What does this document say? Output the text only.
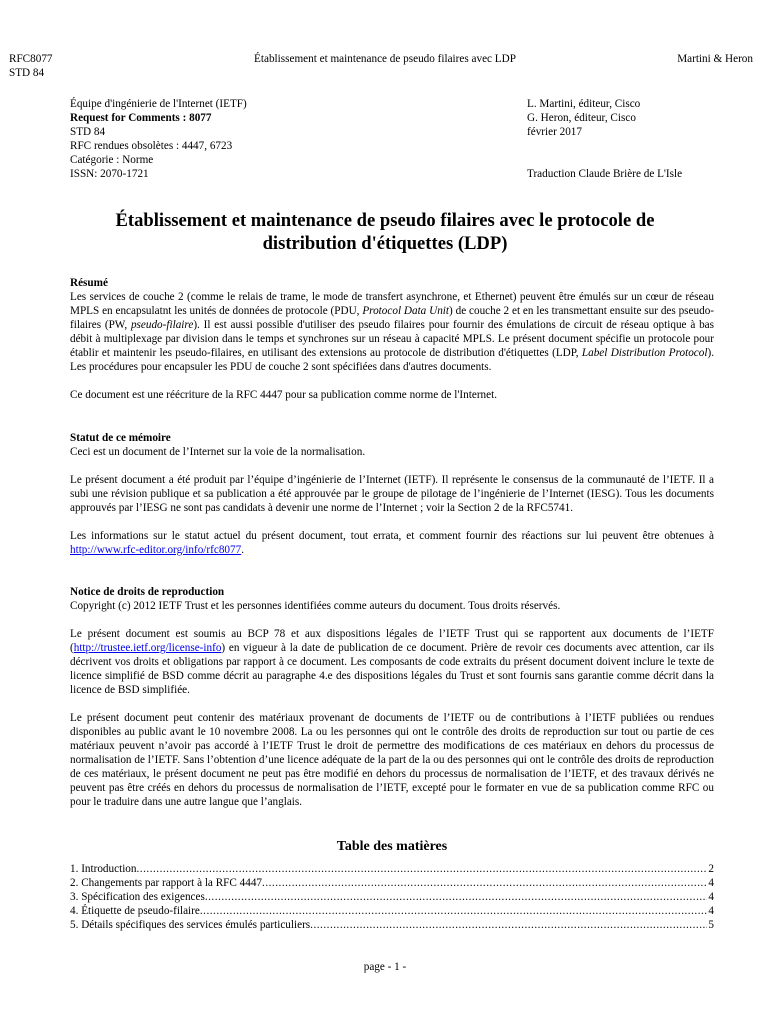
RFC8077
STD 84
Établissement et maintenance de pseudo filaires avec LDP	Martini & Heron
Équipe d'ingénierie de l'Internet (IETF)
Request for Comments : 8077
STD 84
RFC rendues obsolètes : 4447, 6723
Catégorie : Norme
ISSN: 2070-1721
L. Martini, éditeur, Cisco
G. Heron, éditeur, Cisco
février 2017
Traduction Claude Brière de L'Isle
Établissement et maintenance de pseudo filaires avec le protocole de
distribution d'étiquettes (LDP)
Résumé

Les services de couche 2 (comme le relais de trame, le mode de transfert asynchrone, et Ethernet) peuvent être émulés sur un cœur de réseau MPLS en encapsulatnt les unités de données de protocole (PDU, Protocol Data Unit) de couche 2 et en les transmettant ensuite sur des pseudo-filaires (PW, pseudo-filaire). Il est aussi possible d'utiliser des pseudo filaires pour fournir des émulations de circuit de réseau optique à bas débit à multiplexage par division dans le temps et synchrones sur un réseau à capacité MPLS. Le présent document spécifie un protocole pour établir et maintenir les pseudo-filaires, en utilisant des extensions au protocole de distribution d'étiquettes (LDP, Label Distribution Protocol). Les procédures pour encapsuler les PDU de couche 2 sont spécifiées dans d'autres documents.

Ce document est une réécriture de la RFC 4447 pour sa publication comme norme de l'Internet.

Statut de ce mémoire

Ceci est un document de l’Internet sur la voie de la normalisation.

Le présent document a été produit par l’équipe d’ingénierie de l’Internet (IETF). Il représente le consensus de la communauté de l’IETF. Il a subi une révision publique et sa publication a été approuvée par le groupe de pilotage de l’ingénierie de l’Internet (IESG). Tous les documents approuvés par l’IESG ne sont pas candidats à devenir une norme de l’Internet ; voir la Section 2 de la RFC5741.

Les informations sur le statut actuel du présent document, tout errata, et comment fournir des réactions sur lui peuvent être obtenues à http://www.rfc-editor.org/info/rfc8077.

Notice de droits de reproduction

Copyright (c) 2012 IETF Trust et les personnes identifiées comme auteurs du document. Tous droits réservés.

Le présent document est soumis au BCP 78 et aux dispositions légales de l’IETF Trust qui se rapportent aux documents de l’IETF (http://trustee.ietf.org/license-info) en vigueur à la date de publication de ce document. Prière de revoir ces documents avec attention, car ils décrivent vos droits et obligations par rapport à ce document. Les composants de code extraits du présent document doivent inclure le texte de licence simplifié de BSD comme décrit au paragraphe 4.e des dispositions légales du Trust et sont fournis sans garantie comme décrit dans la licence de BSD simplifiée.

Le présent document peut contenir des matériaux provenant de documents de l’IETF ou de contributions à l’IETF publiées ou rendues disponibles au public avant le 10 novembre 2008. La ou les personnes qui ont le contrôle des droits de reproduction sur tout ou partie de ces matériaux peuvent n’avoir pas accordé à l’IETF Trust le droit de permettre des modifications de ces matériaux en dehors du processus de normalisation de l’IETF. Sans l’obtention d’une licence adéquate de la part de la ou des personnes qui ont le contrôle des droits de reproduction de ces matériaux, le présent document ne peut pas être modifié en dehors du processus de normalisation de l’IETF, et des travaux dérivés ne peuvent pas être créés en dehors du processus de normalisation de l’IETF, excepté pour le formater en vue de sa publication comme RFC ou pour le traduire dans une autre langue que l’anglais.

Table des matières
1. Introduction .....	2
2. Changements par rapport à la RFC 4447 .....	4
3. Spécification des exigences .....	4
4. Étiquette de pseudo-filaire .....	4
5. Détails spécifiques des services émulés particuliers .....	5
page - 1 -
